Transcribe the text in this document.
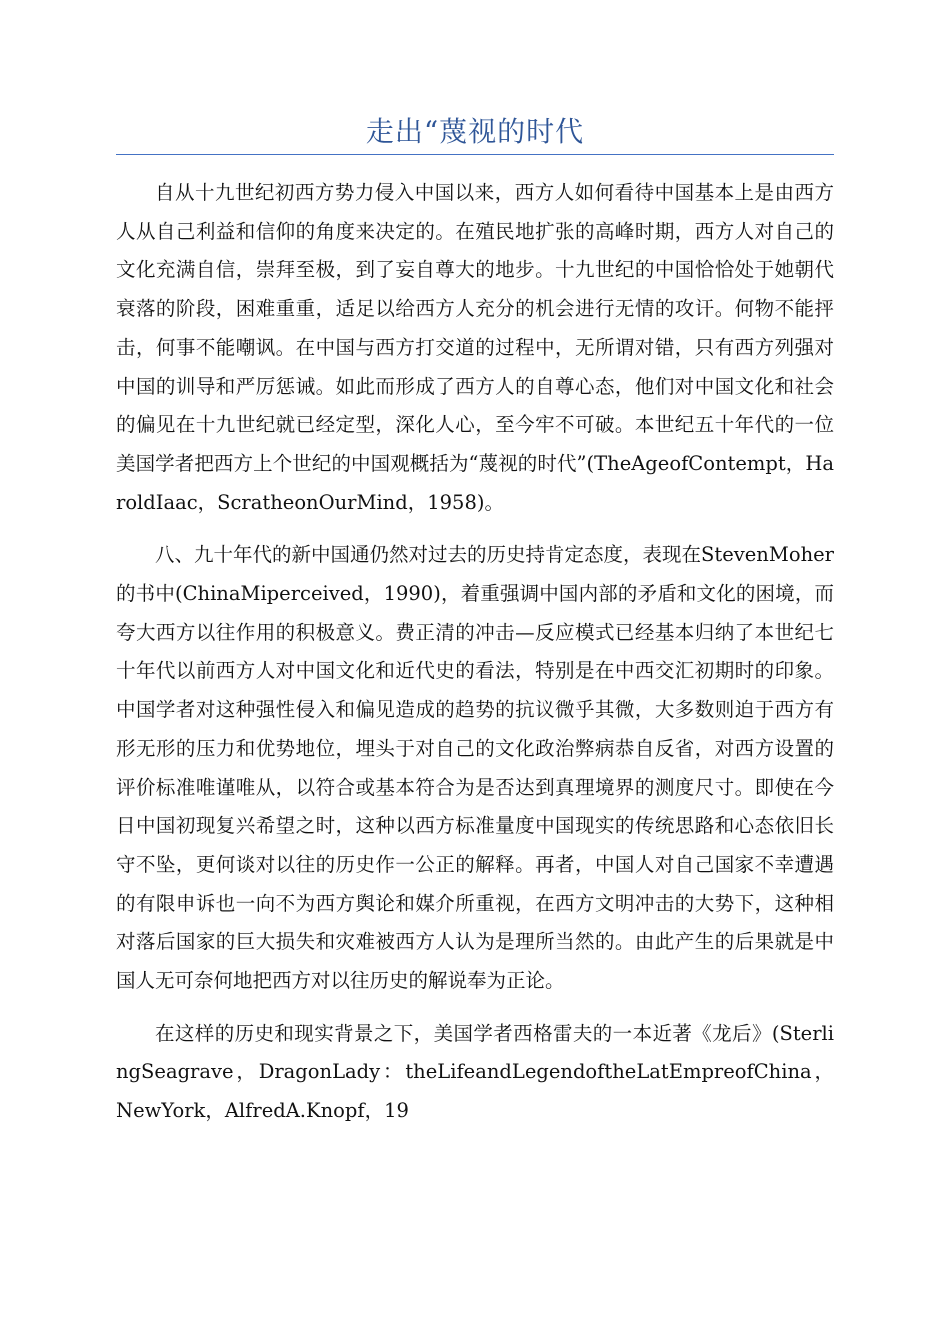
走出“蔑视的时代

自从十九世纪初西方势力侵入中国以来，西方人如何看待中国基本上是由西方人从自己利益和信仰的角度来决定的。在殖民地扩张的高峰时期，西方人对自己的文化充满自信，崇拜至极，到了妄自尊大的地步。十九世纪的中国恰恰处于她朝代衰落的阶段，困难重重，适足以给西方人充分的机会进行无情的攻讦。何物不能抨击，何事不能嘲讽。在中国与西方打交道的过程中，无所谓对错，只有西方列强对中国的训导和严厉惩诫。如此而形成了西方人的自尊心态，他们对中国文化和社会的偏见在十九世纪就已经定型，深化人心，至今牢不可破。本世纪五十年代的一位美国学者把西方上个世纪的中国观概括为“蔑视的时代”(TheAgeofContempt，HaroldIaac，ScratheonOurMind，1958)。

八、九十年代的新中国通仍然对过去的历史持肯定态度，表现在StevenMoher的书中(ChinaMiperceived，1990)，着重强调中国内部的矛盾和文化的困境，而夸大西方以往作用的积极意义。费正清的冲击—反应模式已经基本归纳了本世纪七十年代以前西方人对中国文化和近代史的看法，特别是在中西交汇初期时的印象。中国学者对这种强性侵入和偏见造成的趋势的抗议微乎其微，大多数则迫于西方有形无形的压力和优势地位，埋头于对自己的文化政治弊病恭自反省，对西方设置的评价标准唯谨唯从，以符合或基本符合为是否达到真理境界的测度尺寸。即使在今日中国初现复兴希望之时，这种以西方标准量度中国现实的传统思路和心态依旧长守不坠，更何谈对以往的历史作一公正的解释。再者，中国人对自己国家不幸遭遇的有限申诉也一向不为西方舆论和媒介所重视，在西方文明冲击的大势下，这种相对落后国家的巨大损失和灾难被西方人认为是理所当然的。由此产生的后果就是中国人无可奈何地把西方对以往历史的解说奉为正论。

在这样的历史和现实背景之下，美国学者西格雷夫的一本近著《龙后》(SterlingSeagrave，DragonLady：theLifeandLegendoftheLatEmpreofChina，NewYork，AlfredA.Knopf，19
